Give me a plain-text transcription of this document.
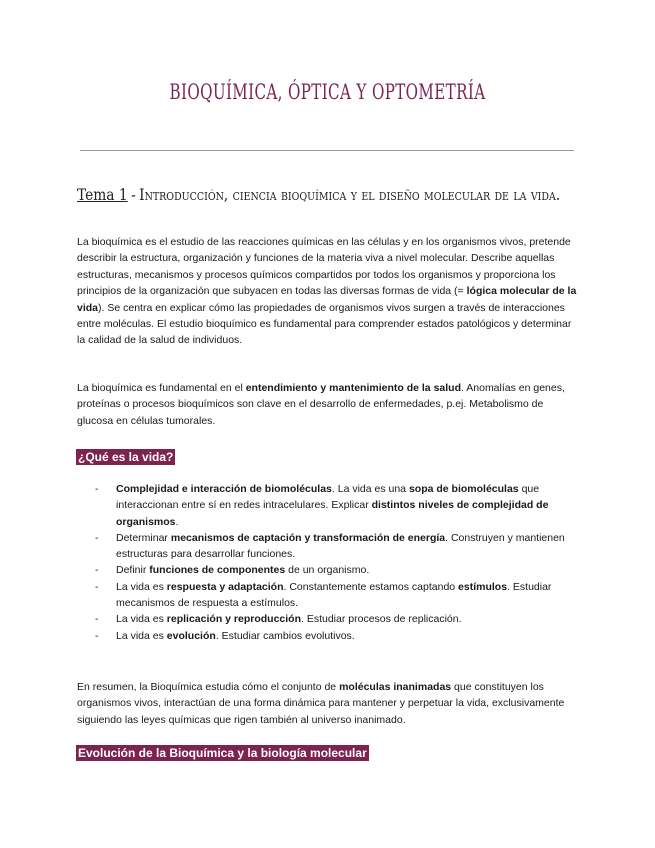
BIOQUÍMICA, ÓPTICA Y OPTOMETRÍA
Tema 1 - Introducción, ciencia bioquímica y el diseño molecular de la vida.
La bioquímica es el estudio de las reacciones químicas en las células y en los organismos vivos, pretende describir la estructura, organización y funciones de la materia viva a nivel molecular. Describe aquellas estructuras, mecanismos y procesos químicos compartidos por todos los organismos y proporciona los principios de la organización que subyacen en todas las diversas formas de vida (= lógica molecular de la vida). Se centra en explicar cómo las propiedades de organismos vivos surgen a través de interacciones entre moléculas. El estudio bioquímico es fundamental para comprender estados patológicos y determinar la calidad de la salud de individuos.
La bioquímica es fundamental en el entendimiento y mantenimiento de la salud. Anomalías en genes, proteínas o procesos bioquímicos son clave en el desarrollo de enfermedades, p.ej. Metabolismo de glucosa en células tumorales.
¿Qué es la vida?
- Complejidad e interacción de biomoléculas. La vida es una sopa de biomoléculas que interaccionan entre sí en redes intracelulares. Explicar distintos niveles de complejidad de organismos.
- Determinar mecanismos de captación y transformación de energía. Construyen y mantienen estructuras para desarrollar funciones.
- Definir funciones de componentes de un organismo.
- La vida es respuesta y adaptación. Constantemente estamos captando estímulos. Estudiar mecanismos de respuesta a estímulos.
- La vida es replicación y reproducción. Estudiar procesos de replicación.
- La vida es evolución. Estudiar cambios evolutivos.
En resumen, la Bioquímica estudia cómo el conjunto de moléculas inanimadas que constituyen los organismos vivos, interactúan de una forma dinámica para mantener y perpetuar la vida, exclusivamente siguiendo las leyes químicas que rigen también al universo inanimado.
Evolución de la Bioquímica y la biología molecular
